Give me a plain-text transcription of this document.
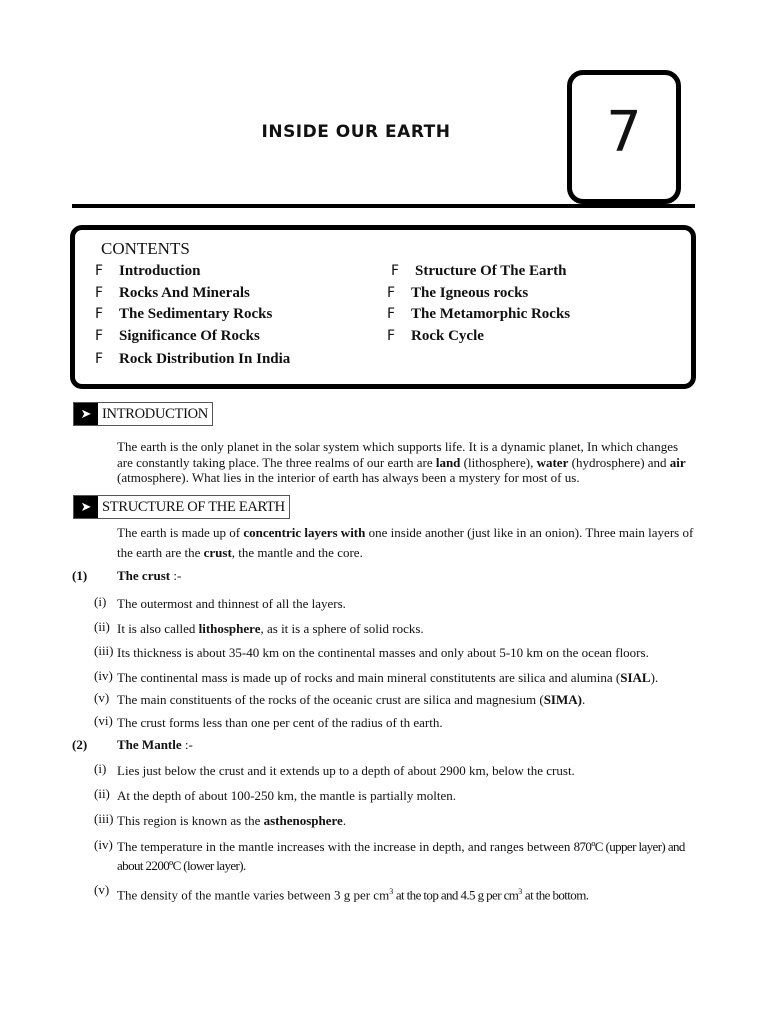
INSIDE OUR EARTH	7
CONTENTS
F Introduction
F Rocks And Minerals
F The Sedimentary Rocks
F Significance Of Rocks
F Rock Distribution In India
F Structure Of The Earth
F The Igneous rocks
F The Metamorphic Rocks
F Rock Cycle
➤ INTRODUCTION
The earth is the only planet in the solar system which supports life. It is a dynamic planet, In which changes are constantly taking place. The three realms of our earth are land (lithosphere), water (hydrosphere) and air (atmosphere). What lies in the interior of earth has always been a mystery for most of us.
➤ STRUCTURE OF THE EARTH
The earth is made up of concentric layers with one inside another (just like in an onion). Three main layers of the earth are the crust, the mantle and the core.
(1) The crust :-
(i) The outermost and thinnest of all the layers.
(ii) It is also called lithosphere, as it is a sphere of solid rocks.
(iii) Its thickness is about 35-40 km on the continental masses and only about 5-10 km on the ocean floors.
(iv) The continental mass is made up of rocks and main mineral constitutents are silica and alumina (SIAL).
(v) The main constituents of the rocks of the oceanic crust are silica and magnesium (SIMA).
(vi) The crust forms less than one per cent of the radius of th earth.
(2) The Mantle :-
(i) Lies just below the crust and it extends up to a depth of about 2900 km, below the crust.
(ii) At the depth of about 100-250 km, the mantle is partially molten.
(iii) This region is known as the asthenosphere.
(iv) The temperature in the mantle increases with the increase in depth, and ranges between 870ºC (upper layer) and about 2200ºC (lower layer).
(v) The density of the mantle varies between 3 g per $cm^3$ at the top and 4.5 g per $cm^3$ at the bottom.
